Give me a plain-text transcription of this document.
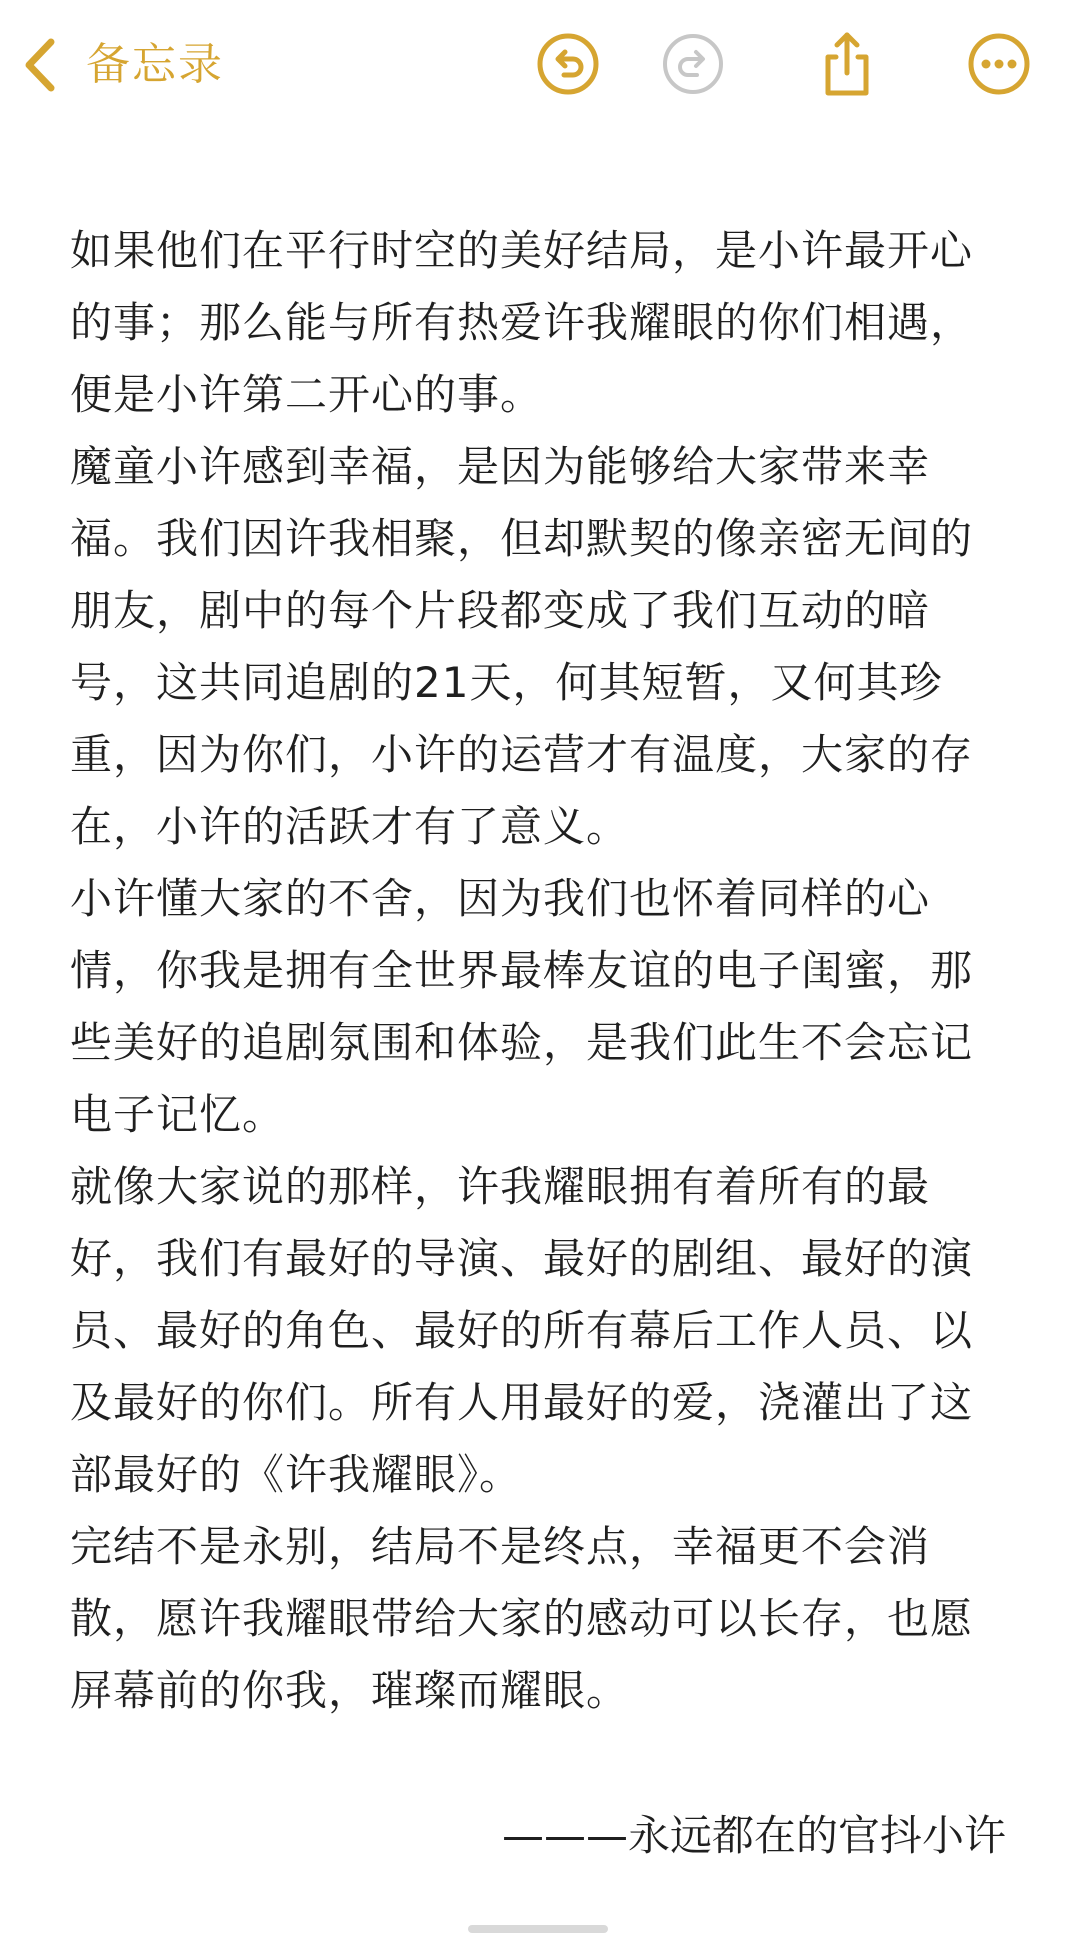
备忘录

如果他们在平行时空的美好结局，是小许最开心的事；那么能与所有热爱许我耀眼的你们相遇，便是小许第二开心的事。

魔童小许感到幸福，是因为能够给大家带来幸福。我们因许我相聚，但却默契的像亲密无间的朋友，剧中的每个片段都变成了我们互动的暗号，这共同追剧的21天，何其短暂，又何其珍重，因为你们，小许的运营才有温度，大家的存在，小许的活跃才有了意义。

小许懂大家的不舍，因为我们也怀着同样的心情，你我是拥有全世界最棒友谊的电子闺蜜，那些美好的追剧氛围和体验，是我们此生不会忘记电子记忆。

就像大家说的那样，许我耀眼拥有着所有的最好，我们有最好的导演、最好的剧组、最好的演员、最好的角色、最好的所有幕后工作人员、以及最好的你们。所有人用最好的爱，浇灌出了这部最好的《许我耀眼》。

完结不是永别，结局不是终点，幸福更不会消散，愿许我耀眼带给大家的感动可以长存，也愿屏幕前的你我，璀璨而耀眼。

———永远都在的官抖小许
